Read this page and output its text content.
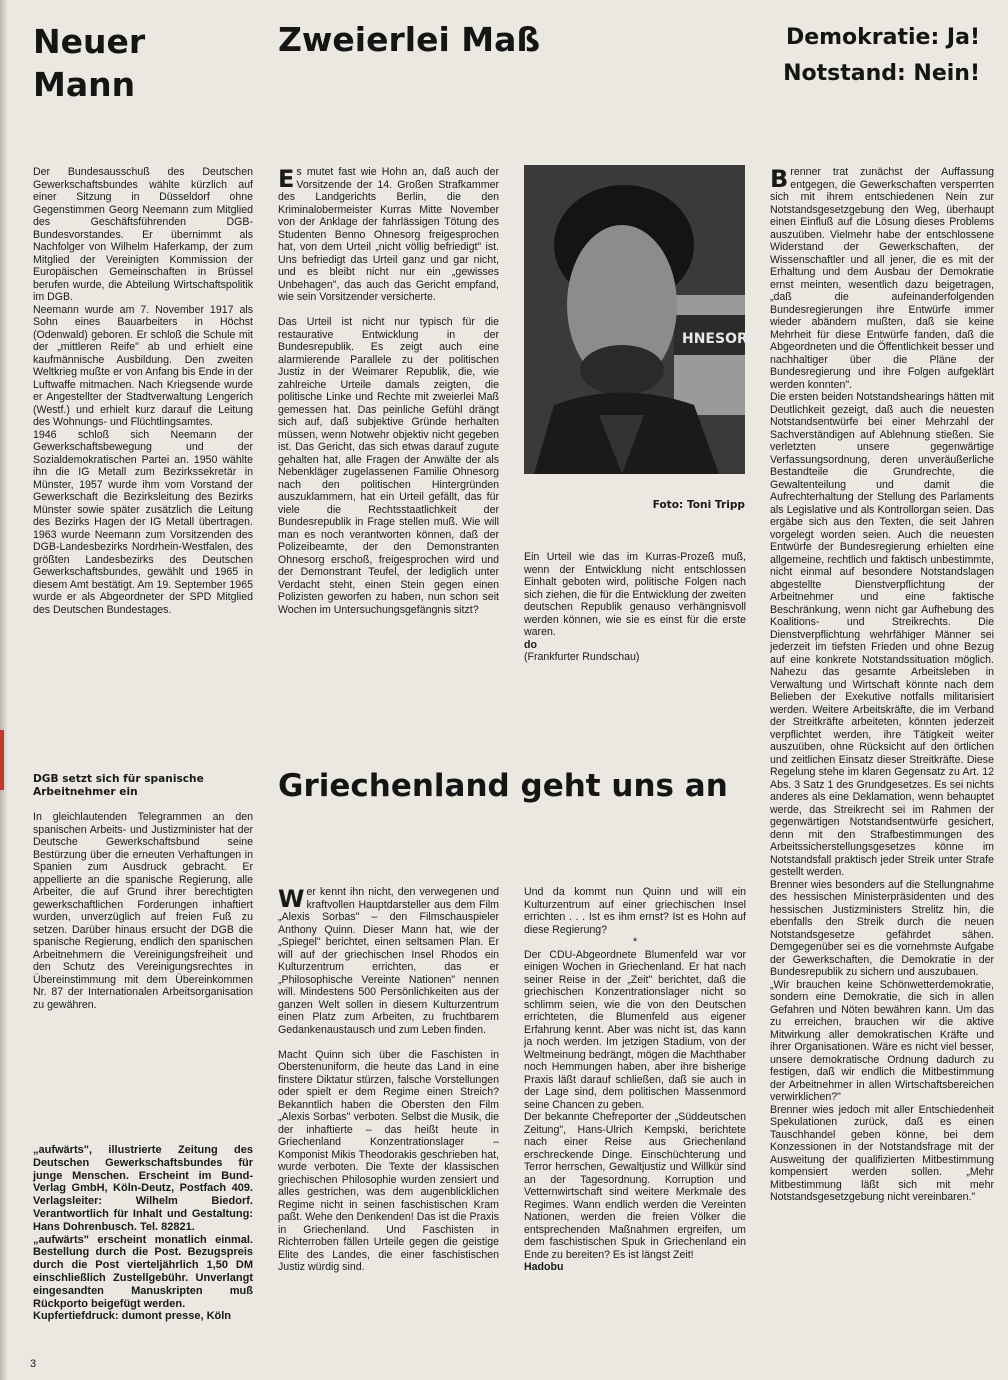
Neuer
Mann
Zweierlei Maß	Demokratie: Ja!
Notstand: Nein!

Der Bundesausschuß des Deutschen Gewerkschaftsbundes wählte kürzlich auf einer Sitzung in Düsseldorf ohne Gegenstimmen Georg Neemann zum Mitglied des Geschäftsführenden DGB-Bundesvorstandes. Er übernimmt als Nachfolger von Wilhelm Haferkamp, der zum Mitglied der Vereinigten Kommission der Europäischen Gemeinschaften in Brüssel berufen wurde, die Abteilung Wirtschaftspolitik im DGB.

Neemann wurde am 7. November 1917 als Sohn eines Bauarbeiters in Höchst (Odenwald) geboren. Er schloß die Schule mit der „mittleren Reife" ab und erhielt eine kaufmännische Ausbildung. Den zweiten Weltkrieg mußte er von Anfang bis Ende in der Luftwaffe mitmachen. Nach Kriegsende wurde er Angestellter der Stadtverwaltung Lengerich (Westf.) und erhielt kurz darauf die Leitung des Wohnungs- und Flüchtlingsamtes.

1946 schloß sich Neemann der Gewerkschaftsbewegung und der Sozialdemokratischen Partei an. 1950 wählte ihn die IG Metall zum Bezirkssekretär in Münster, 1957 wurde ihm vom Vorstand der Gewerkschaft die Bezirksleitung des Bezirks Münster sowie später zusätzlich die Leitung des Bezirks Hagen der IG Metall übertragen. 1963 wurde Neemann zum Vorsitzenden des DGB-Landesbezirks Nordrhein-Westfalen, des größten Landesbezirks des Deutschen Gewerkschaftsbundes, gewählt und 1965 in diesem Amt bestätigt. Am 19. September 1965 wurde er als Abgeordneter der SPD Mitglied des Deutschen Bundestages.

Es mutet fast wie Hohn an, daß auch der Vorsitzende der 14. Großen Strafkammer des Landgerichts Berlin, die den Kriminalobermeister Kurras Mitte November von der Anklage der fahrlässigen Tötung des Studenten Benno Ohnesorg freigesprochen hat, von dem Urteil „nicht völlig befriedigt" ist. Uns befriedigt das Urteil ganz und gar nicht, und es bleibt nicht nur ein „gewisses Unbehagen", das auch das Gericht empfand, wie sein Vorsitzender versicherte.

Das Urteil ist nicht nur typisch für die restaurative Entwicklung in der Bundesrepublik. Es zeigt auch eine alarmierende Parallele zu der politischen Justiz in der Weimarer Republik, die, wie zahlreiche Urteile damals zeigten, die politische Linke und Rechte mit zweierlei Maß gemessen hat. Das peinliche Gefühl drängt sich auf, daß subjektive Gründe herhalten müssen, wenn Notwehr objektiv nicht gegeben ist. Das Gericht, das sich etwas darauf zugute gehalten hat, alle Fragen der Anwälte der als Nebenkläger zugelassenen Familie Ohnesorg nach den politischen Hintergründen auszuklammern, hat ein Urteil gefällt, das für viele die Rechtsstaatlichkeit der Bundesrepublik in Frage stellen muß. Wie will man es noch verantworten können, daß der Polizeibeamte, der den Demonstranten Ohnesorg erschoß, freigesprochen wird und der Demonstrant Teufel, der lediglich unter Verdacht steht, einen Stein gegen einen Polizisten geworfen zu haben, nun schon seit Wochen im Untersuchungsgefängnis sitzt?

HNESORG
Foto: Toni Tripp

Ein Urteil wie das im Kurras-Prozeß muß, wenn der Entwicklung nicht entschlossen Einhalt geboten wird, politische Folgen nach sich ziehen, die für die Entwicklung der zweiten deutschen Republik genauso verhängnisvoll werden können, wie sie es einst für die erste waren.

do

(Frankfurter Rundschau)

Brenner trat zunächst der Auffassung entgegen, die Gewerkschaften versperrten sich mit ihrem entschiedenen Nein zur Notstandsgesetzgebung den Weg, überhaupt einen Einfluß auf die Lösung dieses Problems auszuüben. Vielmehr habe der entschlossene Widerstand der Gewerkschaften, der Wissenschaftler und all jener, die es mit der Erhaltung und dem Ausbau der Demokratie ernst meinten, wesentlich dazu beigetragen, „daß die aufeinanderfolgenden Bundesregierungen ihre Entwürfe immer wieder abändern mußten, daß sie keine Mehrheit für diese Entwürfe fanden, daß die Abgeordneten und die Öffentlichkeit besser und nachhaltiger über die Pläne der Bundesregierung und ihre Folgen aufgeklärt werden konnten".

Die ersten beiden Notstandshearings hätten mit Deutlichkeit gezeigt, daß auch die neuesten Notstandsentwürfe bei einer Mehrzahl der Sachverständigen auf Ablehnung stießen. Sie verletzten unsere gegenwärtige Verfassungsordnung, deren unveräußerliche Bestandteile die Grundrechte, die Gewaltenteilung und damit die Aufrechterhaltung der Stellung des Parlaments als Legislative und als Kontrollorgan seien. Das ergäbe sich aus den Texten, die seit Jahren vorgelegt worden seien. Auch die neuesten Entwürfe der Bundesregierung erhielten eine allgemeine, rechtlich und faktisch unbestimmte, nicht einmal auf besondere Notstandslagen abgestellte Dienstverpflichtung der Arbeitnehmer und eine faktische Beschränkung, wenn nicht gar Aufhebung des Koalitions- und Streikrechts. Die Dienstverpflichtung wehrfähiger Männer sei jederzeit im tiefsten Frieden und ohne Bezug auf eine konkrete Notstandssituation möglich. Nahezu das gesamte Arbeitsleben in Verwaltung und Wirtschaft könnte nach dem Belieben der Exekutive notfalls militarisiert werden. Weitere Arbeitskräfte, die im Verband der Streitkräfte arbeiteten, könnten jederzeit verpflichtet werden, ihre Tätigkeit weiter auszuüben, ohne Rücksicht auf den örtlichen und zeitlichen Einsatz dieser Streitkräfte. Diese Regelung stehe im klaren Gegensatz zu Art. 12 Abs. 3 Satz 1 des Grundgesetzes. Es sei nichts anderes als eine Deklamation, wenn behauptet werde, das Streikrecht sei im Rahmen der gegenwärtigen Notstandsentwürfe gesichert, denn mit den Strafbestimmungen des Arbeitssicherstellungsgesetzes könne im Notstandsfall praktisch jeder Streik unter Strafe gestellt werden.

Brenner wies besonders auf die Stellungnahme des hessischen Ministerpräsidenten und des hessischen Justizministers Strelitz hin, die ebenfalls den Streik durch die neuen Notstandsgesetze gefährdet sähen. Demgegenüber sei es die vornehmste Aufgabe der Gewerkschaften, die Demokratie in der Bundesrepublik zu sichern und auszubauen.

„Wir brauchen keine Schönwetterdemokratie, sondern eine Demokratie, die sich in allen Gefahren und Nöten bewähren kann. Um das zu erreichen, brauchen wir die aktive Mitwirkung aller demokratischen Kräfte und ihrer Organisationen. Wäre es nicht viel besser, unsere demokratische Ordnung dadurch zu festigen, daß wir endlich die Mitbestimmung der Arbeitnehmer in allen Wirtschaftsbereichen verwirklichen?"

Brenner wies jedoch mit aller Entschiedenheit Spekulationen zurück, daß es einen Tauschhandel geben könne, bei dem Konzessionen in der Notstandsfrage mit der Ausweitung der qualifizierten Mitbestimmung kompensiert werden sollen. „Mehr Mitbestimmung läßt sich mit mehr Notstandsgesetzgebung nicht vereinbaren."

DGB setzt sich für spanische
Arbeitnehmer ein

In gleichlautenden Telegrammen an den spanischen Arbeits- und Justizminister hat der Deutsche Gewerkschaftsbund seine Bestürzung über die erneuten Verhaftungen in Spanien zum Ausdruck gebracht. Er appellierte an die spanische Regierung, alle Arbeiter, die auf Grund ihrer berechtigten gewerkschaftlichen Forderungen inhaftiert wurden, unverzüglich auf freien Fuß zu setzen. Darüber hinaus ersucht der DGB die spanische Regierung, endlich den spanischen Arbeitnehmern die Vereinigungsfreiheit und den Schutz des Vereinigungsrechtes in Übereinstimmung mit dem Übereinkommen Nr. 87 der Internationalen Arbeitsorganisation zu gewähren.

„aufwärts", illustrierte Zeitung des Deutschen Gewerkschaftsbundes für junge Menschen. Erscheint im Bund-Verlag GmbH, Köln-Deutz, Postfach 409. Verlagsleiter: Wilhelm Biedorf. Verantwortlich für Inhalt und Gestaltung: Hans Dohrenbusch. Tel. 82821.

„aufwärts" erscheint monatlich einmal. Bestellung durch die Post. Bezugspreis durch die Post vierteljährlich 1,50 DM einschließlich Zustellgebühr. Unverlangt eingesandten Manuskripten muß Rückporto beigefügt werden.

Kupfertiefdruck: dumont presse, Köln

Griechenland geht uns an

Wer kennt ihn nicht, den verwegenen und kraftvollen Hauptdarsteller aus dem Film „Alexis Sorbas" – den Filmschauspieler Anthony Quinn. Dieser Mann hat, wie der „Spiegel" berichtet, einen seltsamen Plan. Er will auf der griechischen Insel Rhodos ein Kulturzentrum errichten, das er „Philosophische Vereinte Nationen" nennen will. Mindestens 500 Persönlichkeiten aus der ganzen Welt sollen in diesem Kulturzentrum einen Platz zum Arbeiten, zu fruchtbarem Gedankenaustausch und zum Leben finden.

Macht Quinn sich über die Faschisten in Oberstenuniform, die heute das Land in eine finstere Diktatur stürzen, falsche Vorstellungen oder spielt er dem Regime einen Streich? Bekanntlich haben die Obersten den Film „Alexis Sorbas" verboten. Selbst die Musik, die der inhaftierte – das heißt heute in Griechenland Konzentrationslager – Komponist Mikis Theodorakis geschrieben hat, wurde verboten. Die Texte der klassischen griechischen Philosophie wurden zensiert und alles gestrichen, was dem augenblicklichen Regime nicht in seinen faschistischen Kram paßt. Wehe den Denkenden! Das ist die Praxis in Griechenland. Und Faschisten in Richterroben fällen Urteile gegen die geistige Elite des Landes, die einer faschistischen Justiz würdig sind.

Und da kommt nun Quinn und will ein Kulturzentrum auf einer griechischen Insel errichten . . . Ist es ihm ernst? Ist es Hohn auf diese Regierung?

*

Der CDU-Abgeordnete Blumenfeld war vor einigen Wochen in Griechenland. Er hat nach seiner Reise in der „Zeit" berichtet, daß die griechischen Konzentrationslager nicht so schlimm seien, wie die von den Deutschen errichteten, die Blumenfeld aus eigener Erfahrung kennt. Aber was nicht ist, das kann ja noch werden. Im jetzigen Stadium, von der Weltmeinung bedrängt, mögen die Machthaber noch Hemmungen haben, aber ihre bisherige Praxis läßt darauf schließen, daß sie auch in der Lage sind, dem politischen Massenmord seine Chancen zu geben.

Der bekannte Chefreporter der „Süddeutschen Zeitung", Hans-Ulrich Kempski, berichtete nach einer Reise aus Griechenland erschreckende Dinge. Einschüchterung und Terror herrschen, Gewaltjustiz und Willkür sind an der Tagesordnung. Korruption und Vetternwirtschaft sind weitere Merkmale des Regimes. Wann endlich werden die Vereinten Nationen, werden die freien Völker die entsprechenden Maßnahmen ergreifen, um dem faschistischen Spuk in Griechenland ein Ende zu bereiten? Es ist längst Zeit!

Hadobu

3
